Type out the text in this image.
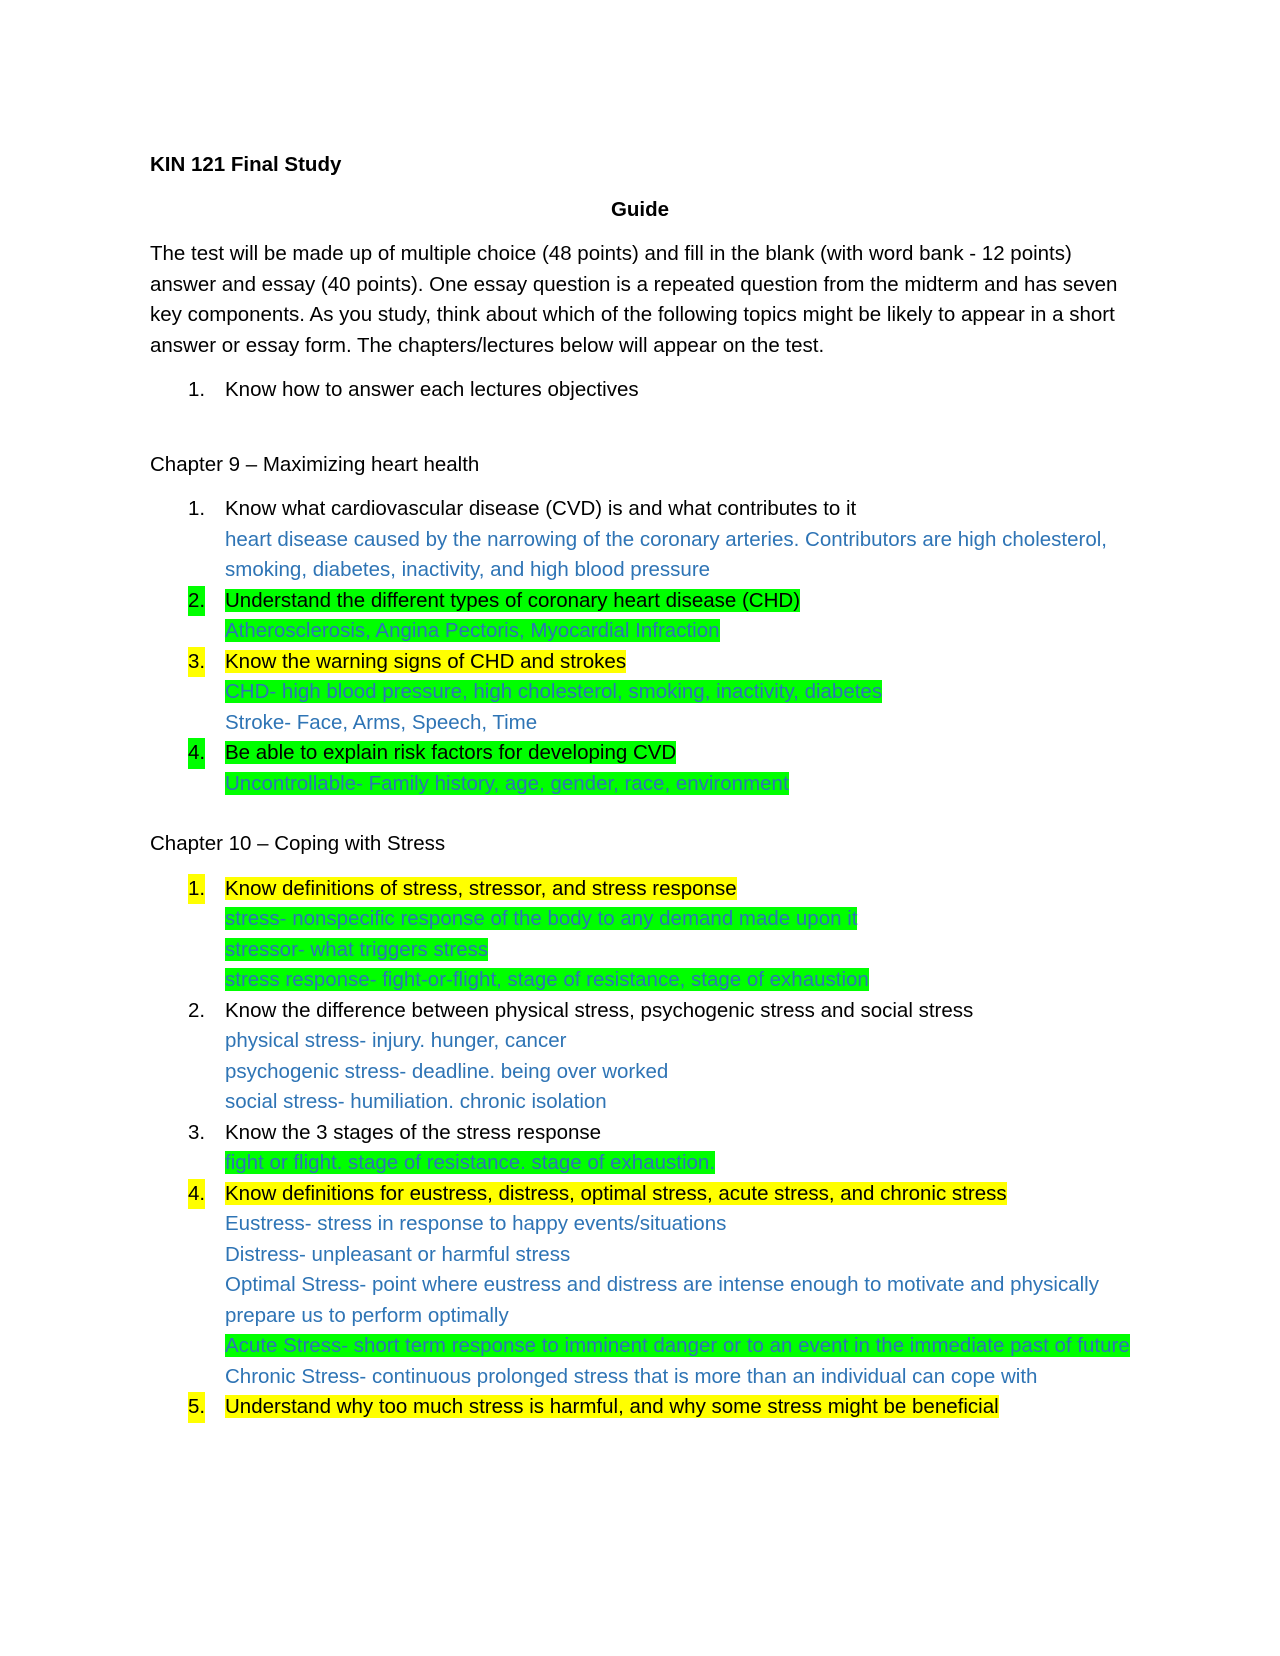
KIN 121 Final Study

Guide

The test will be made up of multiple choice (48 points) and fill in the blank (with word bank - 12 points) answer and essay (40 points). One essay question is a repeated question from the midterm and has seven key components. As you study, think about which of the following topics might be likely to appear in a short answer or essay form. The chapters/lectures below will appear on the test.

1. Know how to answer each lectures objectives

Chapter 9 – Maximizing heart health

1. Know what cardiovascular disease (CVD) is and what contributes to it
heart disease caused by the narrowing of the coronary arteries. Contributors are high cholesterol, smoking, diabetes, inactivity, and high blood pressure
2. Understand the different types of coronary heart disease (CHD)
Atherosclerosis, Angina Pectoris, Myocardial Infraction
3. Know the warning signs of CHD and strokes
CHD- high blood pressure, high cholesterol, smoking, inactivity, diabetes
Stroke- Face, Arms, Speech, Time
4. Be able to explain risk factors for developing CVD
Uncontrollable- Family history, age, gender, race, environment

Chapter 10 – Coping with Stress

1. Know definitions of stress, stressor, and stress response
stress- nonspecific response of the body to any demand made upon it
stressor- what triggers stress
stress response- fight-or-flight, stage of resistance, stage of exhaustion
2. Know the difference between physical stress, psychogenic stress and social stress
physical stress- injury. hunger, cancer
psychogenic stress- deadline. being over worked
social stress- humiliation. chronic isolation
3. Know the 3 stages of the stress response
fight or flight. stage of resistance. stage of exhaustion.
4. Know definitions for eustress, distress, optimal stress, acute stress, and chronic stress
Eustress- stress in response to happy events/situations
Distress- unpleasant or harmful stress
Optimal Stress- point where eustress and distress are intense enough to motivate and physically prepare us to perform optimally
Acute Stress- short term response to imminent danger or to an event in the immediate past of future
Chronic Stress- continuous prolonged stress that is more than an individual can cope with
5. Understand why too much stress is harmful, and why some stress might be beneficial
